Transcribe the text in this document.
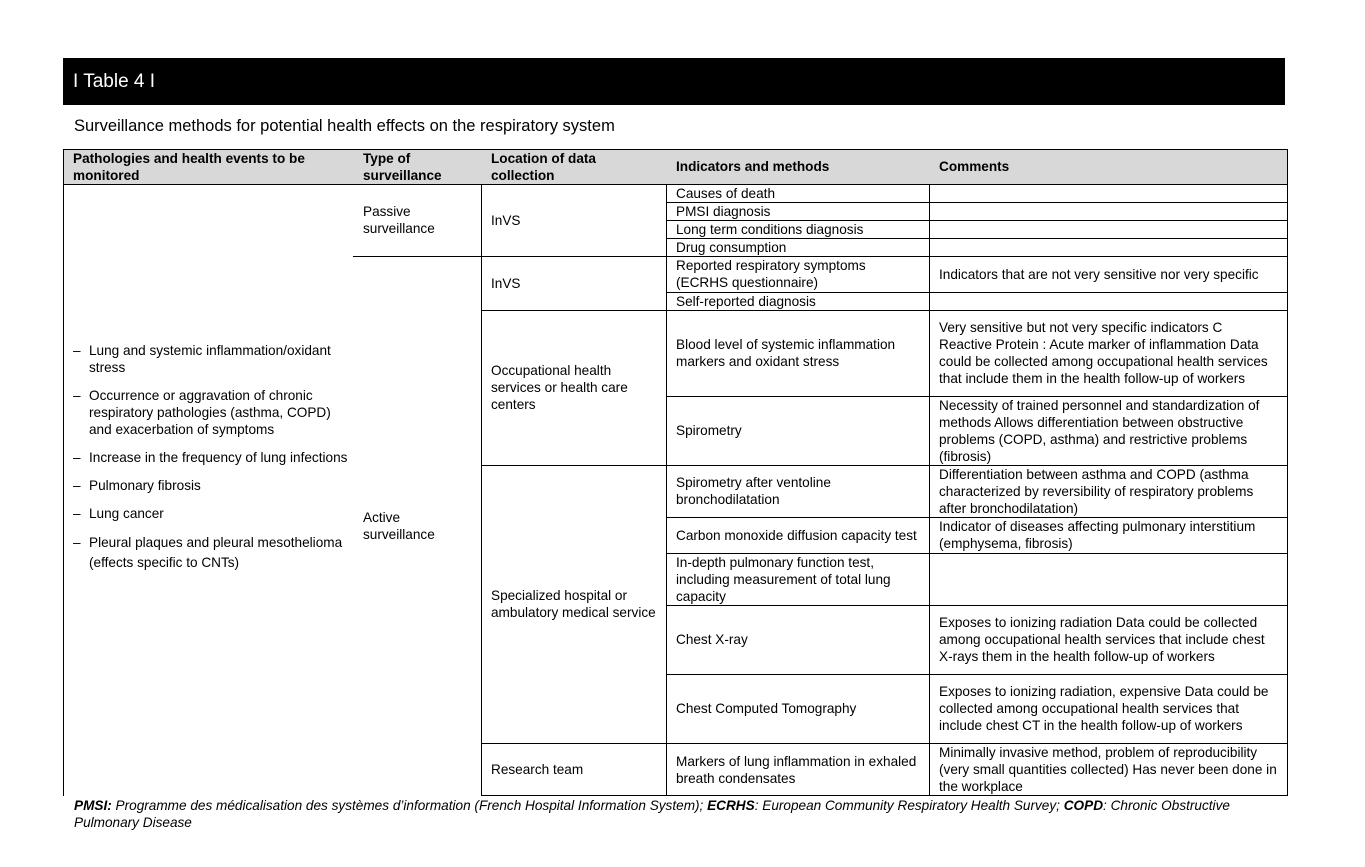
I Table 4 I
Surveillance methods for potential health effects on the respiratory system
Pathologies and health events to be monitored
Type of surveillance
Location of data collection
Indicators and methods	Comments
– Lung and systemic inflammation/oxidant stress
– Occurrence or aggravation of chronic respiratory pathologies (asthma, COPD) and exacerbation of symptoms
– Increase in the frequency of lung infections
– Pulmonary fibrosis
– Lung cancer
– Pleural plaques and pleural mesothelioma (effects specific to CNTs)
Passive surveillance
Active surveillance
InVS
InVS
Occupational health services or health care centers
Specialized hospital or ambulatory medical service
Research team
Causes of death
PMSI diagnosis
Long term conditions diagnosis
Drug consumption
Reported respiratory symptoms (ECRHS questionnaire)
Self-reported diagnosis
Blood level of systemic inflammation markers and oxidant stress
Spirometry
Spirometry after ventoline bronchodilatation
Carbon monoxide diffusion capacity test
In-depth pulmonary function test, including measurement of total lung capacity
Chest X-ray
Chest Computed Tomography
Markers of lung inflammation in exhaled breath condensates
Indicators that are not very sensitive nor very specific
Very sensitive but not very specific indicators C Reactive Protein : Acute marker of inflammation Data could be collected among occupational health services that include them in the health follow-up of workers
Necessity of trained personnel and standardization of methods Allows differentiation between obstructive problems (COPD, asthma) and restrictive problems (fibrosis)
Differentiation between asthma and COPD (asthma characterized by reversibility of respiratory problems after bronchodilatation)
Indicator of diseases affecting pulmonary interstitium (emphysema, fibrosis)
Exposes to ionizing radiation Data could be collected among occupational health services that include chest X-rays them in the health follow-up of workers
Exposes to ionizing radiation, expensive Data could be collected among occupational health services that include chest CT in the health follow-up of workers
Minimally invasive method, problem of reproducibility (very small quantities collected) Has never been done in the workplace
PMSI: Programme des médicalisation des systèmes d’information (French Hospital Information System); ECRHS: European Community Respiratory Health Survey; COPD: Chronic Obstructive Pulmonary Disease
